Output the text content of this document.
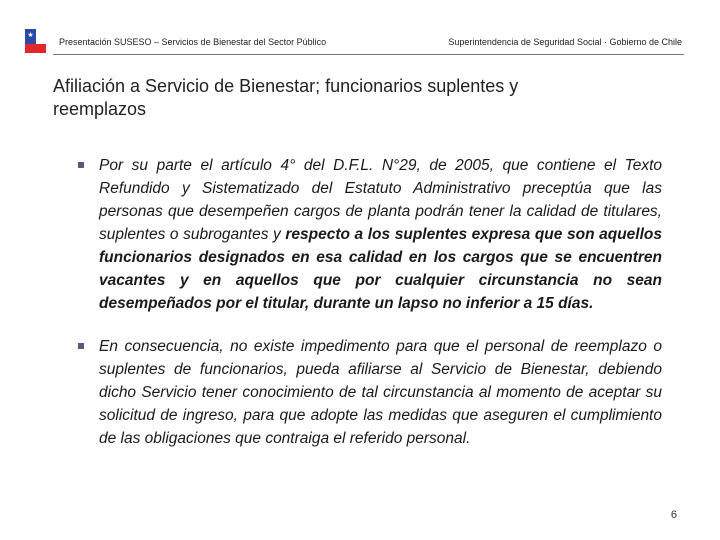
★
Presentación SUSESO – Servicios de Bienestar del Sector Público	Superintendencia de Seguridad Social · Gobierno de Chile
Afiliación a Servicio de Bienestar; funcionarios suplentes y
reemplazos
Por su parte el artículo 4° del D.F.L. N°29, de 2005, que contiene el Texto Refundido y Sistematizado del Estatuto Administrativo preceptúa que las personas que desempeñen cargos de planta podrán tener la calidad de titulares, suplentes o subrogantes y respecto a los suplentes expresa que son aquellos funcionarios designados en esa calidad en los cargos que se encuentren vacantes y en aquellos que por cualquier circunstancia no sean desempeñados por el titular, durante un lapso no inferior a 15 días.
En consecuencia, no existe impedimento para que el personal de reemplazo o suplentes de funcionarios, pueda afiliarse al Servicio de Bienestar, debiendo dicho Servicio tener conocimiento de tal circunstancia al momento de aceptar su solicitud de ingreso, para que adopte las medidas que aseguren el cumplimiento de las obligaciones que contraiga el referido personal.
6
